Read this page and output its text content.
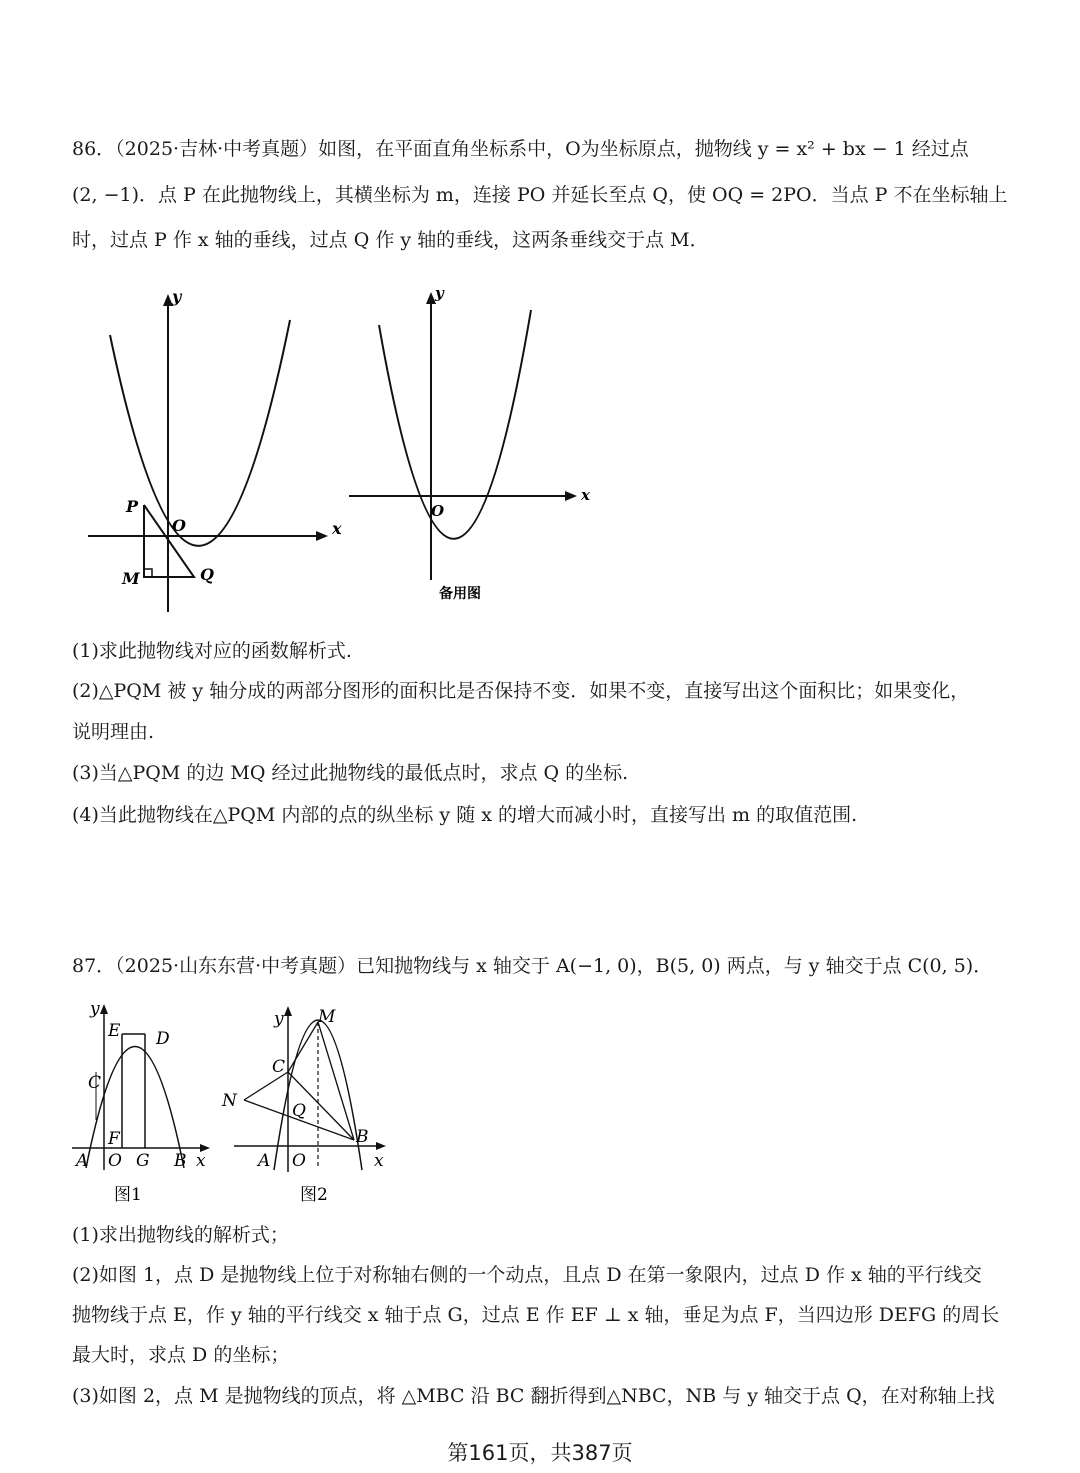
86．（2025·吉林·中考真题）如图，在平面直角坐标系中，O为坐标原点，抛物线 y = x² + bx − 1 经过点
(2, −1)．点 P 在此抛物线上，其横坐标为 m，连接 PO 并延长至点 Q，使 OQ = 2PO．当点 P 不在坐标轴上
时，过点 P 作 x 轴的垂线，过点 Q 作 y 轴的垂线，这两条垂线交于点 M．
y
x
P
O
M	Q
y
x
O
备用图
(1)求此抛物线对应的函数解析式.
(2)△PQM 被 y 轴分成的两部分图形的面积比是否保持不变．如果不变，直接写出这个面积比；如果变化，
说明理由.
(3)当△PQM 的边 MQ 经过此抛物线的最低点时，求点 Q 的坐标.
(4)当此抛物线在△PQM 内部的点的纵坐标 y 随 x 的增大而减小时，直接写出 m 的取值范围.
87．（2025·山东东营·中考真题）已知抛物线与 x 轴交于 A(−1, 0)，B(5, 0) 两点，与 y 轴交于点 C(0, 5)．
y
E D
C
F
A O G B x
图1
y M
C
N	Q
B
A O	x
图2
(1)求出抛物线的解析式；
(2)如图 1，点 D 是抛物线上位于对称轴右侧的一个动点，且点 D 在第一象限内，过点 D 作 x 轴的平行线交
抛物线于点 E，作 y 轴的平行线交 x 轴于点 G，过点 E 作 EF ⊥ x 轴，垂足为点 F，当四边形 DEFG 的周长
最大时，求点 D 的坐标；
(3)如图 2，点 M 是抛物线的顶点，将 △MBC 沿 BC 翻折得到△NBC，NB 与 y 轴交于点 Q，在对称轴上找
第161页，共387页
